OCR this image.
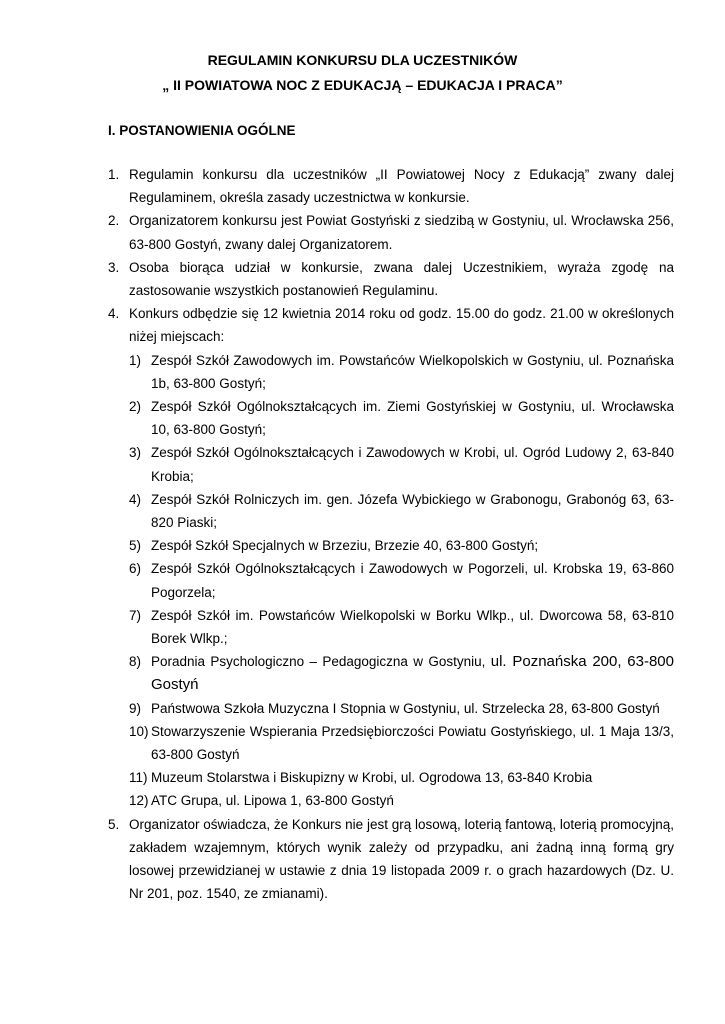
REGULAMIN KONKURSU DLA UCZESTNIKÓW
„ II POWIATOWA NOC Z EDUKACJĄ – EDUKACJA I PRACA”
I. POSTANOWIENIA OGÓLNE
1. Regulamin konkursu dla uczestników „II Powiatowej Nocy z Edukacją” zwany dalej Regulaminem, określa zasady uczestnictwa w konkursie.
2. Organizatorem konkursu jest Powiat Gostyński z siedzibą w Gostyniu, ul. Wrocławska 256, 63-800 Gostyń, zwany dalej Organizatorem.
3. Osoba biorąca udział w konkursie, zwana dalej Uczestnikiem, wyraża zgodę na zastosowanie wszystkich postanowień Regulaminu.
4. Konkurs odbędzie się 12 kwietnia 2014 roku od godz. 15.00 do godz. 21.00 w określonych niżej miejscach:
1) Zespół Szkół Zawodowych im. Powstańców Wielkopolskich w Gostyniu, ul. Poznańska 1b, 63-800 Gostyń;
2) Zespół Szkół Ogólnokształcących im. Ziemi Gostyńskiej w Gostyniu, ul. Wrocławska 10, 63-800 Gostyń;
3) Zespół Szkół Ogólnokształcących i Zawodowych w Krobi, ul. Ogród Ludowy 2, 63-840 Krobia;
4) Zespół Szkół Rolniczych im. gen. Józefa Wybickiego w Grabonogu, Grabonóg 63, 63-820 Piaski;
5) Zespół Szkół Specjalnych w Brzeziu, Brzezie 40, 63-800 Gostyń;
6) Zespół Szkół Ogólnokształcących i Zawodowych w Pogorzeli, ul. Krobska 19, 63-860 Pogorzela;
7) Zespół Szkół im. Powstańców Wielkopolski w Borku Wlkp., ul. Dworcowa 58, 63-810 Borek Wlkp.;
8) Poradnia Psychologiczno – Pedagogiczna w Gostyniu, ul. Poznańska 200, 63-800 Gostyń
9) Państwowa Szkoła Muzyczna I Stopnia w Gostyniu, ul. Strzelecka 28, 63-800 Gostyń
10) Stowarzyszenie Wspierania Przedsiębiorczości Powiatu Gostyńskiego, ul. 1 Maja 13/3, 63-800 Gostyń
11) Muzeum Stolarstwa i Biskupizny w Krobi, ul. Ogrodowa 13, 63-840 Krobia
12) ATC Grupa, ul. Lipowa 1, 63-800 Gostyń
5. Organizator oświadcza, że Konkurs nie jest grą losową, loterią fantową, loterią promocyjną, zakładem wzajemnym, których wynik zależy od przypadku, ani żadną inną formą gry losowej przewidzianej w ustawie z dnia 19 listopada 2009 r. o grach hazardowych (Dz. U. Nr 201, poz. 1540, ze zmianami).
